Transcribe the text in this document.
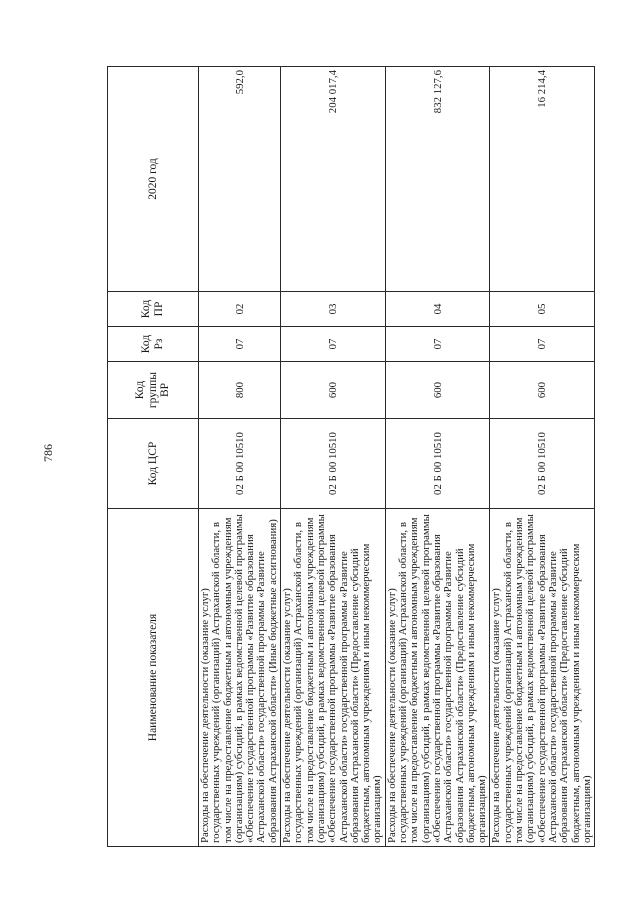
786
Наименование показателя	Код ЦСР	Код группы ВР	Код Рз	Код ПР	2020 год
Расходы на обеспечение деятельности (оказание услуг) государственных учреждений (организаций) Астраханской области, в том числе на предоставление бюджетным и автономным учреждениям (организациям) субсидий, в рамках ведомственной целевой программы «Обеспечение государственной программы «Развитие образования Астраханской области» государственной программы «Развитие образования Астраханской области» (Иные бюджетные ассигнования)	02 Б 00 10510	800	07	02	592,0
Расходы на обеспечение деятельности (оказание услуг) государственных учреждений (организаций) Астраханской области, в том числе на предоставление бюджетным и автономным учреждениям (организациям) субсидий, в рамках ведомственной целевой программы «Обеспечение государственной программы «Развитие образования Астраханской области» государственной программы «Развитие образования Астраханской области» (Предоставление субсидий бюджетным, автономным учреждениям и иным некоммерческим организациям)	02 Б 00 10510	600	07	03	204 017,4
Расходы на обеспечение деятельности (оказание услуг) государственных учреждений (организаций) Астраханской области, в том числе на предоставление бюджетным и автономным учреждениям (организациям) субсидий, в рамках ведомственной целевой программы «Обеспечение государственной программы «Развитие образования Астраханской области» государственной программы «Развитие образования Астраханской области» (Предоставление субсидий бюджетным, автономным учреждениям и иным некоммерческим организациям)	02 Б 00 10510	600	07	04	832 127,6
Расходы на обеспечение деятельности (оказание услуг) государственных учреждений (организаций) Астраханской области, в том числе на предоставление бюджетным и автономным учреждениям (организациям) субсидий, в рамках ведомственной целевой программы «Обеспечение государственной программы «Развитие образования Астраханской области» государственной программы «Развитие образования Астраханской области» (Предоставление субсидий бюджетным, автономным учреждениям и иным некоммерческим организациям)	02 Б 00 10510	600	07	05	16 214,4
